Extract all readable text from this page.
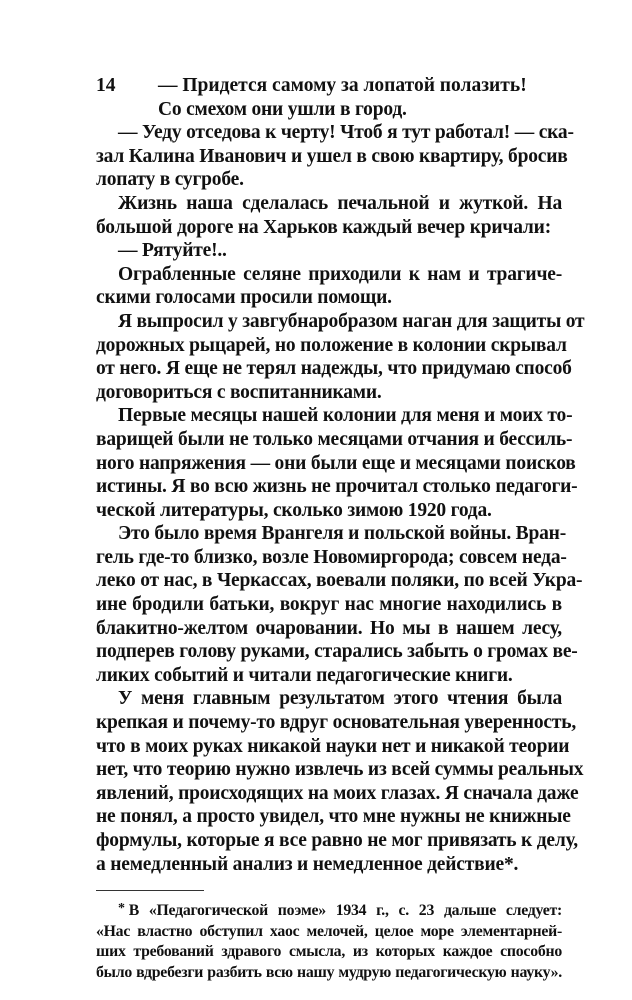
14	— Придется самому за лопатой полазить!
Со смехом они ушли в город.
— Уеду отседова к черту! Чтоб я тут работал! — ска-
зал Калина Иванович и ушел в свою квартиру, бросив
лопату в сугробе.
Жизнь наша сделалась печальной и жуткой. На
большой дороге на Харьков каждый вечер кричали:
— Рятуйте!..
Ограбленные селяне приходили к нам и трагиче-
скими голосами просили помощи.
Я выпросил у завгубнаробразом наган для защиты от
дорожных рыцарей, но положение в колонии скрывал
от него. Я еще не терял надежды, что придумаю способ
договориться с воспитанниками.
Первые месяцы нашей колонии для меня и моих то-
варищей были не только месяцами отчания и бессиль-
ного напряжения — они были еще и месяцами поисков
истины. Я во всю жизнь не прочитал столько педагоги-
ческой литературы, сколько зимою 1920 года.
Это было время Врангеля и польской войны. Вран-
гель где-то близко, возле Новомиргорода; совсем неда-
леко от нас, в Черкассах, воевали поляки, по всей Укра-
ине бродили батьки, вокруг нас многие находились в
блакитно-желтом очаровании. Но мы в нашем лесу,
подперев голову руками, старались забыть о громах ве-
ликих событий и читали педагогические книги.
У меня главным результатом этого чтения была
крепкая и почему-то вдруг основательная уверенность,
что в моих руках никакой науки нет и никакой теории
нет, что теорию нужно извлечь из всей суммы реальных
явлений, происходящих на моих глазах. Я сначала даже
не понял, а просто увидел, что мне нужны не книжные
формулы, которые я все равно не мог привязать к делу,
а немедленный анализ и немедленное действие*.
* В «Педагогической поэме» 1934 г., с. 23 дальше следует:
«Нас властно обступил хаос мелочей, целое море элементарней-
ших требований здравого смысла, из которых каждое способно
было вдребезги разбить всю нашу мудрую педагогическую науку».
